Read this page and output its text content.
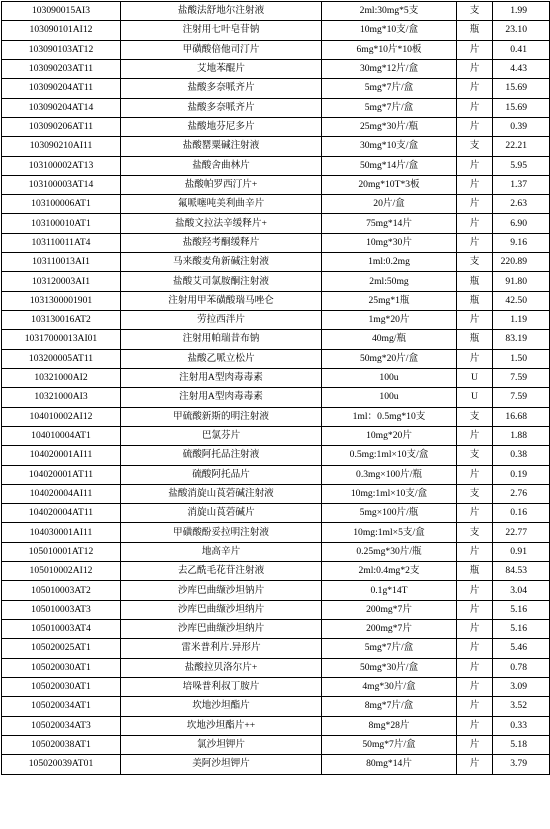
103090015AI3	盐酸法舒地尔注射液	2ml:30mg*5支	支	1.99
103090101AI12	注射用七叶皂苷钠	10mg*10支/盒	瓶	23.10
103090103AT12	甲磺酸倍他司汀片	6mg*10片*10板	片	0.41
103090203AT11	艾地苯醌片	30mg*12片/盒	片	4.43
103090204AT11	盐酸多奈哌齐片	5mg*7片/盒	片	15.69
103090204AT14	盐酸多奈哌齐片	5mg*7片/盒	片	15.69
103090206AT11	盐酸地芬尼多片	25mg*30片/瓶	片	0.39
103090210AI11	盐酸罂粟碱注射液	30mg*10支/盒	支	22.21
103100002AT13	盐酸舍曲林片	50mg*14片/盒	片	5.95
103100003AT14	盐酸帕罗西汀片+	20mg*10T*3板	片	1.37
103100006AT1	氟哌噻吨美利曲辛片	20片/盒	片	2.63
103100010AT1	盐酸文拉法辛缓释片+	75mg*14片	片	6.90
103110011AT4	盐酸羟考酮缓释片	10mg*30片	片	9.16
103110013AI1	马来酸麦角新碱注射液	1ml:0.2mg	支	220.89
103120003AI1	盐酸艾司氯胺酮注射液	2ml:50mg	瓶	91.80
1031300001901	注射用甲苯磺酸瑞马唑仑	25mg*1瓶	瓶	42.50
103130016AT2	劳拉西泮片	1mg*20片	片	1.19
10317000013AI01	注射用帕瑞昔布钠	40mg/瓶	瓶	83.19
103200005AT11	盐酸乙哌立松片	50mg*20片/盒	片	1.50
10321000AI2	注射用A型肉毒毒素	100u	U	7.59
10321000AI3	注射用A型肉毒毒素	100u	U	7.59
104010002AI12	甲硫酸新斯的明注射液	1ml：0.5mg*10支	支	16.68
104010004AT1	巴氯芬片	10mg*20片	片	1.88
104020001AI11	硫酸阿托品注射液	0.5mg:1ml×10支/盒	支	0.38
104020001AT11	硫酸阿托品片	0.3mg×100片/瓶	片	0.19
104020004AI11	盐酸消旋山莨菪碱注射液	10mg:1ml×10支/盒	支	2.76
104020004AT11	消旋山莨菪碱片	5mg×100片/瓶	片	0.16
104030001AI11	甲磺酸酚妥拉明注射液	10mg:1ml×5支/盒	支	22.77
105010001AT12	地高辛片	0.25mg*30片/瓶	片	0.91
105010002AI12	去乙酰毛花苷注射液	2ml:0.4mg*2支	瓶	84.53
105010003AT2	沙库巴曲缬沙坦钠片	0.1g*14T	片	3.04
105010003AT3	沙库巴曲缬沙坦纳片	200mg*7片	片	5.16
105010003AT4	沙库巴曲缬沙坦纳片	200mg*7片	片	5.16
105020025AT1	雷米普利片.异形片	5mg*7片/盒	片	5.46
105020030AT1	盐酸拉贝洛尔片+	50mg*30片/盒	片	0.78
105020030AT1	培哚普利叔丁胺片	4mg*30片/盒	片	3.09
105020034AT1	坎地沙坦酯片	8mg*7片/盒	片	3.52
105020034AT3	坎地沙坦酯片++	8mg*28片	片	0.33
105020038AT1	氯沙坦钾片	50mg*7片/盒	片	5.18
105020039AT01	美阿沙坦钾片	80mg*14片	片	3.79
